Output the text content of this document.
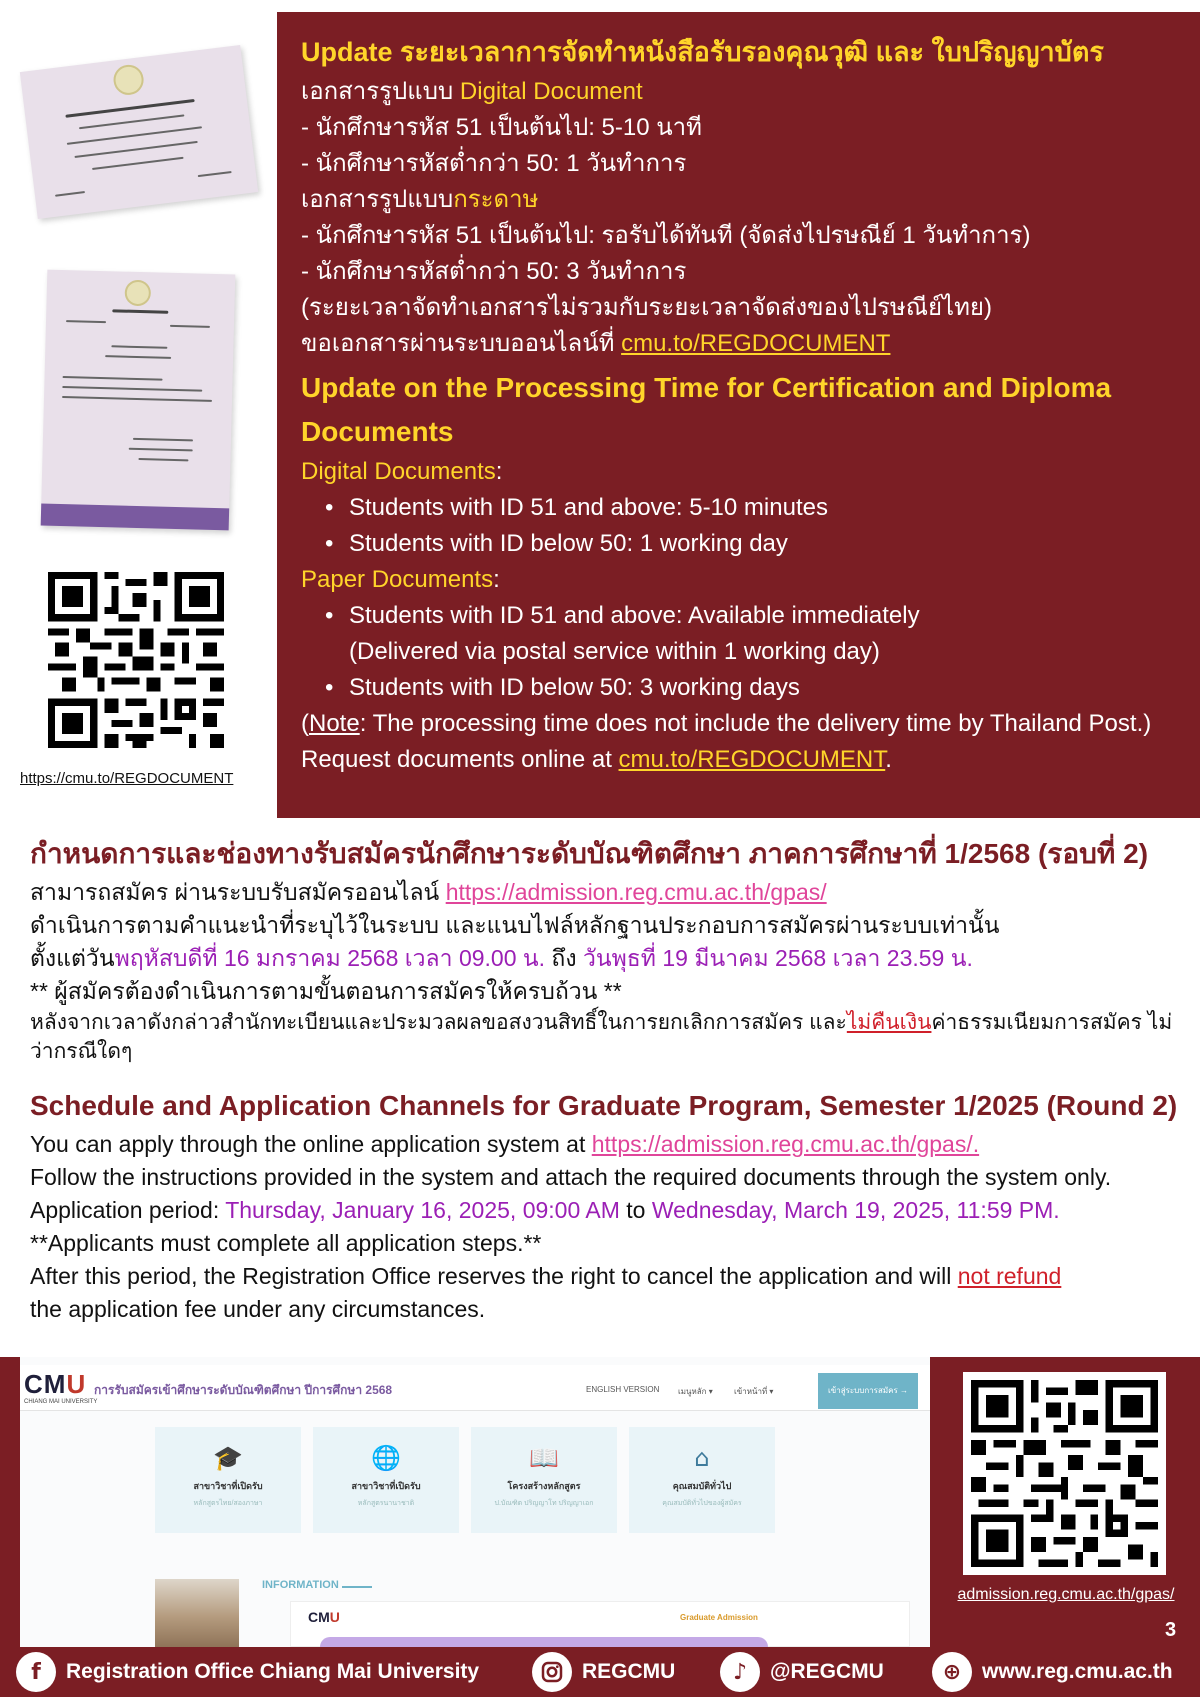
https://cmu.to/REGDOCUMENT
Update ระยะเวลาการจัดทำหนังสือรับรองคุณวุฒิ และ ใบปริญญาบัตร
เอกสารรูปแบบ Digital Document
- นักศึกษารหัส 51 เป็นต้นไป: 5-10 นาที
- นักศึกษารหัสต่ำกว่า 50: 1 วันทำการ
เอกสารรูปแบบกระดาษ
- นักศึกษารหัส 51 เป็นต้นไป: รอรับได้ทันที (จัดส่งไปรษณีย์ 1 วันทำการ)
- นักศึกษารหัสต่ำกว่า 50: 3 วันทำการ
(ระยะเวลาจัดทำเอกสารไม่รวมกับระยะเวลาจัดส่งของไปรษณีย์ไทย)
ขอเอกสารผ่านระบบออนไลน์ที่ cmu.to/REGDOCUMENT
Update on the Processing Time for Certification and Diploma Documents
Digital Documents:
• Students with ID 51 and above: 5-10 minutes
• Students with ID below 50: 1 working day
Paper Documents:
• Students with ID 51 and above: Available immediately
(Delivered via postal service within 1 working day)
• Students with ID below 50: 3 working days
(Note: The processing time does not include the delivery time by Thailand Post.)
Request documents online at cmu.to/REGDOCUMENT.
กำหนดการและช่องทางรับสมัครนักศึกษาระดับบัณฑิตศึกษา ภาคการศึกษาที่ 1/2568 (รอบที่ 2)
สามารถสมัคร ผ่านระบบรับสมัครออนไลน์ https://admission.reg.cmu.ac.th/gpas/
ดำเนินการตามคำแนะนำที่ระบุไว้ในระบบ และแนบไฟล์หลักฐานประกอบการสมัครผ่านระบบเท่านั้น
ตั้งแต่วันพฤหัสบดีที่ 16 มกราคม 2568 เวลา 09.00 น. ถึง วันพุธที่ 19 มีนาคม 2568 เวลา 23.59 น.
** ผู้สมัครต้องดำเนินการตามขั้นตอนการสมัครให้ครบถ้วน **
หลังจากเวลาดังกล่าวสำนักทะเบียนและประมวลผลขอสงวนสิทธิ์ในการยกเลิกการสมัคร และไม่คืนเงินค่าธรรมเนียมการสมัคร ไม่ว่ากรณีใดๆ
Schedule and Application Channels for Graduate Program, Semester 1/2025 (Round 2)
You can apply through the online application system at https://admission.reg.cmu.ac.th/gpas/.
Follow the instructions provided in the system and attach the required documents through the system only.
Application period: Thursday, January 16, 2025, 09:00 AM to Wednesday, March 19, 2025, 11:59 PM.
**Applicants must complete all application steps.**
After this period, the Registration Office reserves the right to cancel the application and will not refund
the application fee under any circumstances.
CMU
CHIANG MAI UNIVERSITY
การรับสมัครเข้าศึกษาระดับบัณฑิตศึกษา ปีการศึกษา 2568	ENGLISH VERSION เมนูหลัก ▾	เข้าหน้าที่ ▾	เข้าสู่ระบบการสมัคร →
🎓
สาขาวิชาที่เปิดรับ
หลักสูตรไทย/สองภาษา
🌐
สาขาวิชาที่เปิดรับ
หลักสูตรนานาชาติ
📖
โครงสร้างหลักสูตร
ป.บัณฑิต ปริญญาโท ปริญญาเอก
⌂
คุณสมบัติทั่วไป
คุณสมบัติทั่วไปของผู้สมัคร
INFORMATION
CMU	Graduate Admission
admission.reg.cmu.ac.th/gpas/
3
f	Registration Office Chiang Mai University	REGCMU	♪	@REGCMU	⊕ www.reg.cmu.ac.th
